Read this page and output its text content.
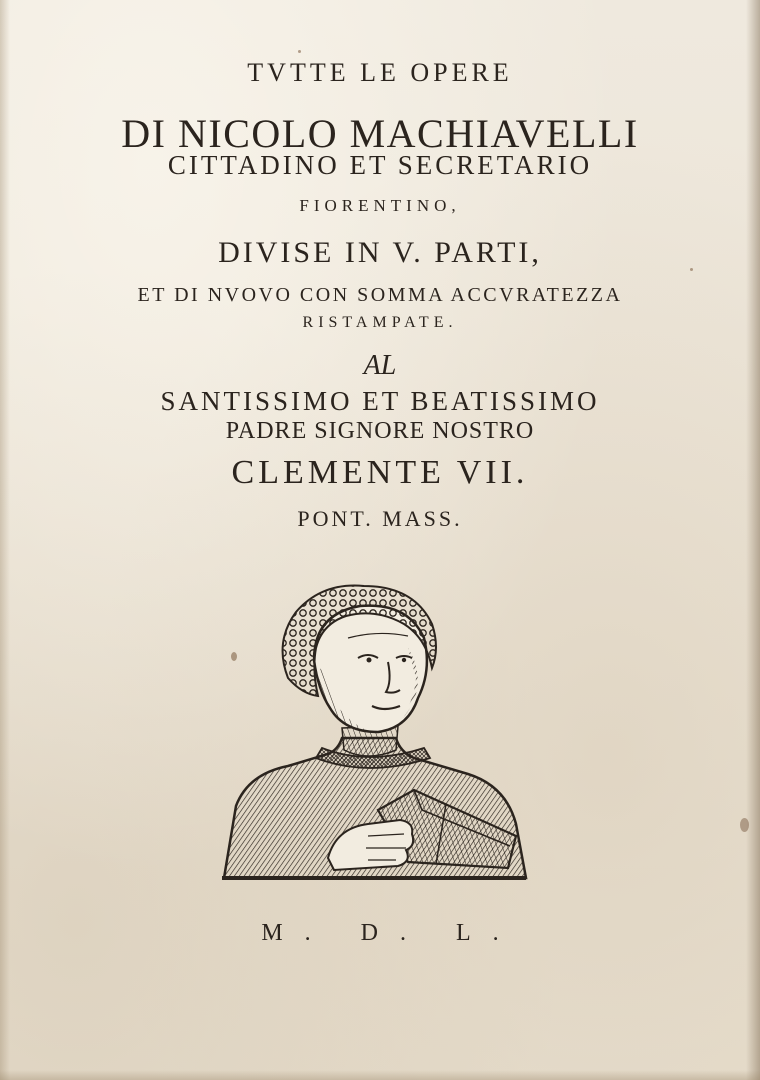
TVTTE LE OPERE
DI NICOLO MACHIAVELLI
CITTADINO ET SECRETARIO
FIORENTINO,
DIVISE IN V. PARTI,
ET DI NVOVO CON SOMMA ACCVRATEZZA
RISTAMPATE.
AL
SANTISSIMO ET BEATISSIMO
PADRE SIGNORE NOSTRO
CLEMENTE VII.
PONT. MASS.
M. D. L.
